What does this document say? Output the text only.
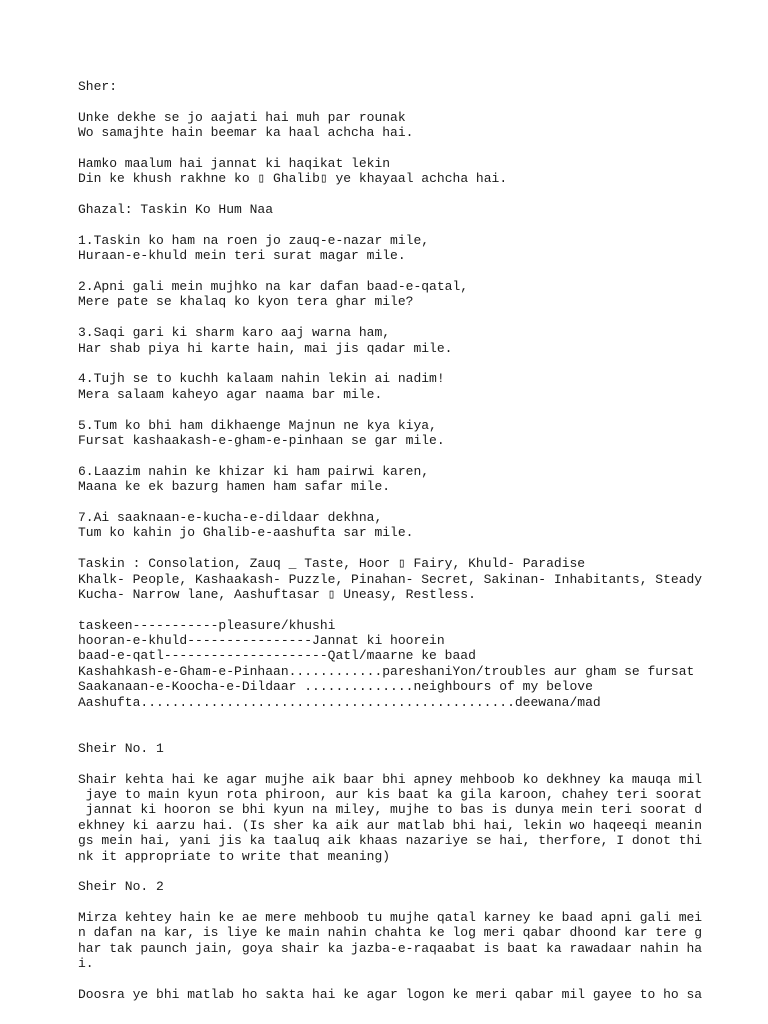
Sher:

Unke dekhe se jo aajati hai muh par rounak
Wo samajhte hain beemar ka haal achcha hai.

Hamko maalum hai jannat ki haqikat lekin
Din ke khush rakhne ko ▯ Ghalib▯ ye khayaal achcha hai.

Ghazal: Taskin Ko Hum Naa

1.Taskin ko ham na roen jo zauq-e-nazar mile,
Huraan-e-khuld mein teri surat magar mile.

2.Apni gali mein mujhko na kar dafan baad-e-qatal,
Mere pate se khalaq ko kyon tera ghar mile?

3.Saqi gari ki sharm karo aaj warna ham,
Har shab piya hi karte hain, mai jis qadar mile.

4.Tujh se to kuchh kalaam nahin lekin ai nadim!
Mera salaam kaheyo agar naama bar mile.

5.Tum ko bhi ham dikhaenge Majnun ne kya kiya,
Fursat kashaakash-e-gham-e-pinhaan se gar mile.

6.Laazim nahin ke khizar ki ham pairwi karen,
Maana ke ek bazurg hamen ham safar mile.

7.Ai saaknaan-e-kucha-e-dildaar dekhna,
Tum ko kahin jo Ghalib-e-aashufta sar mile.

Taskin : Consolation, Zauq _ Taste, Hoor ▯ Fairy, Khuld- Paradise
Khalk- People, Kashaakash- Puzzle, Pinahan- Secret, Sakinan- Inhabitants, Steady
Kucha- Narrow lane, Aashuftasar ▯ Uneasy, Restless.

taskeen-----------pleasure/khushi
hooran-e-khuld----------------Jannat ki hoorein
baad-e-qatl---------------------Qatl/maarne ke baad
Kashahkash-e-Gham-e-Pinhaan............pareshaniYon/troubles aur gham se fursat
Saakanaan-e-Koocha-e-Dildaar ..............neighbours of my belove
Aashufta................................................deewana/mad

Sheir No. 1

Shair kehta hai ke agar mujhe aik baar bhi apney mehboob ko dekhney ka mauqa mil
jaye to main kyun rota phiroon, aur kis baat ka gila karoon, chahey teri soorat
jannat ki hooron se bhi kyun na miley, mujhe to bas is dunya mein teri soorat d
ekhney ki aarzu hai. (Is sher ka aik aur matlab bhi hai, lekin wo haqeeqi meanin
gs mein hai, yani jis ka taaluq aik khaas nazariye se hai, therfore, I donot thi
nk it appropriate to write that meaning)

Sheir No. 2

Mirza kehtey hain ke ae mere mehboob tu mujhe qatal karney ke baad apni gali mei
n dafan na kar, is liye ke main nahin chahta ke log meri qabar dhoond kar tere g
har tak paunch jain, goya shair ka jazba-e-raqaabat is baat ka rawadaar nahin ha
i.

Doosra ye bhi matlab ho sakta hai ke agar logon ke meri qabar mil gayee to ho sa
